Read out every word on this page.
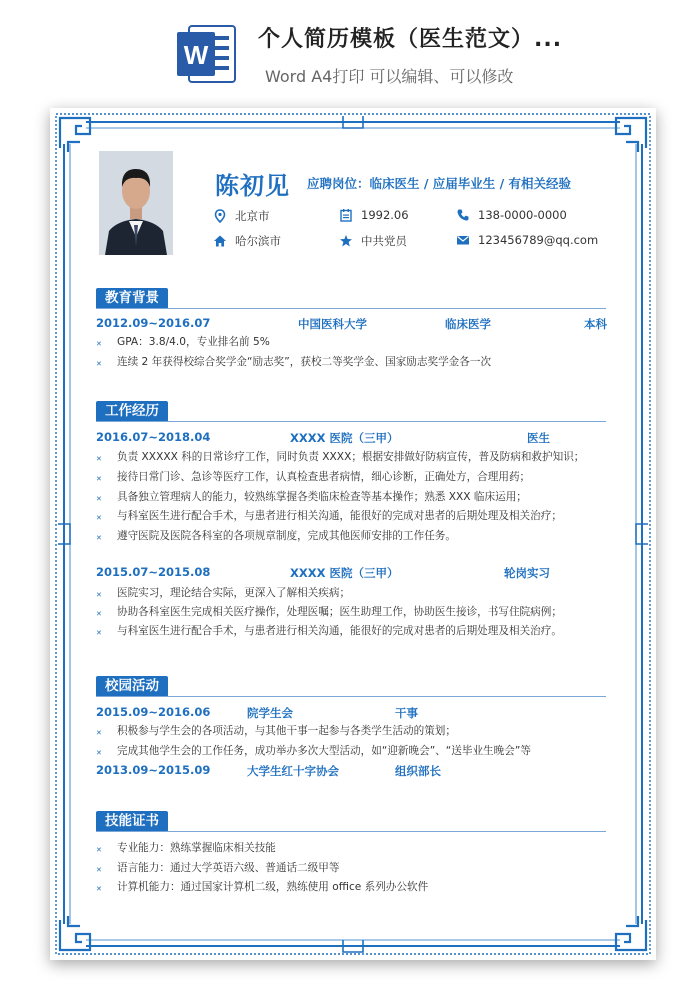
W
个人简历模板（医生范文）...
Word A4打印 可以编辑、可以修改
陈初见 应聘岗位：临床医生 / 应届毕业生 / 有相关经验
北京市	1992.06	138-0000-0000
哈尔滨市	中共党员	123456789@qq.com
教育背景
2012.09~2016.07	中国医科大学	临床医学	本科
GPA：3.8/4.0，专业排名前 5%
连续 2 年获得校综合奖学金“励志奖”，获校二等奖学金、国家励志奖学金各一次
工作经历
2016.07~2018.04	XXXX 医院（三甲）	医生
负责 XXXXX 科的日常诊疗工作，同时负责 XXXX；根据安排做好防病宣传，普及防病和救护知识；
接待日常门诊、急诊等医疗工作，认真检查患者病情，细心诊断，正确处方，合理用药；
具备独立管理病人的能力，较熟练掌握各类临床检查等基本操作；熟悉 XXX 临床运用；
与科室医生进行配合手术，与患者进行相关沟通，能很好的完成对患者的后期处理及相关治疗；
遵守医院及医院各科室的各项规章制度，完成其他医师安排的工作任务。
2015.07~2015.08	XXXX 医院（三甲）	轮岗实习
医院实习，理论结合实际，更深入了解相关疾病；
协助各科室医生完成相关医疗操作，处理医嘱；医生助理工作，协助医生接诊，书写住院病例；
与科室医生进行配合手术，与患者进行相关沟通，能很好的完成对患者的后期处理及相关治疗。
校园活动
2015.09~2016.06	院学生会	干事
积极参与学生会的各项活动，与其他干事一起参与各类学生活动的策划；
完成其他学生会的工作任务，成功举办多次大型活动，如“迎新晚会”、“送毕业生晚会”等
2013.09~2015.09	大学生红十字协会	组织部长
技能证书
专业能力：熟练掌握临床相关技能
语言能力：通过大学英语六级、普通话二级甲等
计算机能力：通过国家计算机二级，熟练使用 office 系列办公软件
